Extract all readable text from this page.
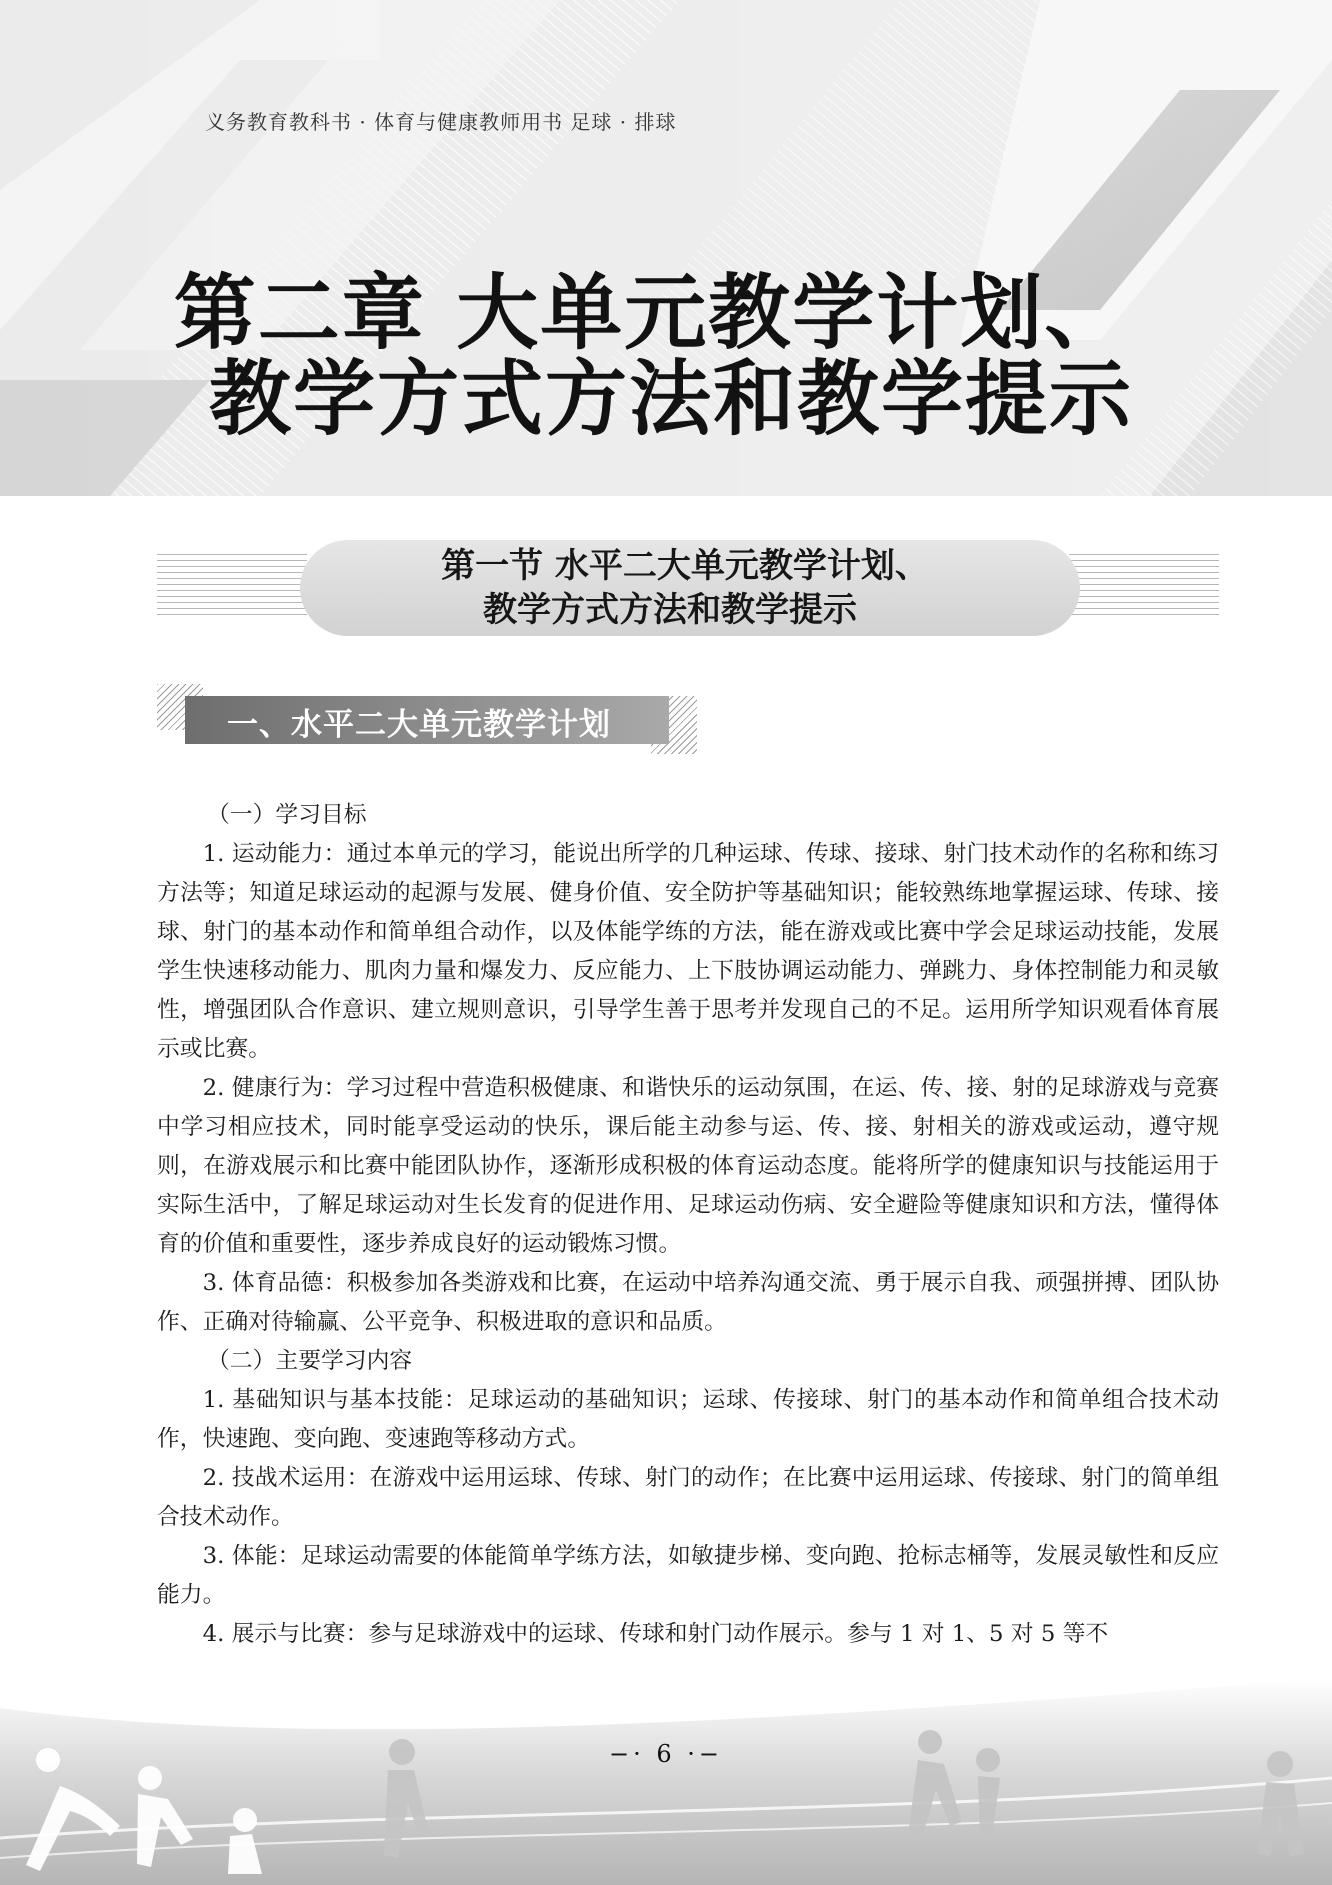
义务教育教科书 · 体育与健康教师用书 足球 · 排球
第二章 大单元教学计划、
教学方式方法和教学提示
第一节 水平二大单元教学计划、
教学方式方法和教学提示
一、水平二大单元教学计划

（一）学习目标

1. 运动能力：通过本单元的学习，能说出所学的几种运球、传球、接球、射门技术动作的名称和练习方法等；知道足球运动的起源与发展、健身价值、安全防护等基础知识；能较熟练地掌握运球、传球、接球、射门的基本动作和简单组合动作，以及体能学练的方法，能在游戏或比赛中学会足球运动技能，发展学生快速移动能力、肌肉力量和爆发力、反应能力、上下肢协调运动能力、弹跳力、身体控制能力和灵敏性，增强团队合作意识、建立规则意识，引导学生善于思考并发现自己的不足。运用所学知识观看体育展示或比赛。

2. 健康行为：学习过程中营造积极健康、和谐快乐的运动氛围，在运、传、接、射的足球游戏与竞赛中学习相应技术，同时能享受运动的快乐，课后能主动参与运、传、接、射相关的游戏或运动，遵守规则，在游戏展示和比赛中能团队协作，逐渐形成积极的体育运动态度。能将所学的健康知识与技能运用于实际生活中，了解足球运动对生长发育的促进作用、足球运动伤病、安全避险等健康知识和方法，懂得体育的价值和重要性，逐步养成良好的运动锻炼习惯。

3. 体育品德：积极参加各类游戏和比赛，在运动中培养沟通交流、勇于展示自我、顽强拼搏、团队协作、正确对待输赢、公平竞争、积极进取的意识和品质。

（二）主要学习内容

1. 基础知识与基本技能：足球运动的基础知识；运球、传接球、射门的基本动作和简单组合技术动作，快速跑、变向跑、变速跑等移动方式。

2. 技战术运用：在游戏中运用运球、传球、射门的动作；在比赛中运用运球、传接球、射门的简单组合技术动作。

3. 体能：足球运动需要的体能简单学练方法，如敏捷步梯、变向跑、抢标志桶等，发展灵敏性和反应能力。

4. 展示与比赛：参与足球游戏中的运球、传球和射门动作展示。参与 1 对 1、5 对 5 等不

−· 6 ·−
